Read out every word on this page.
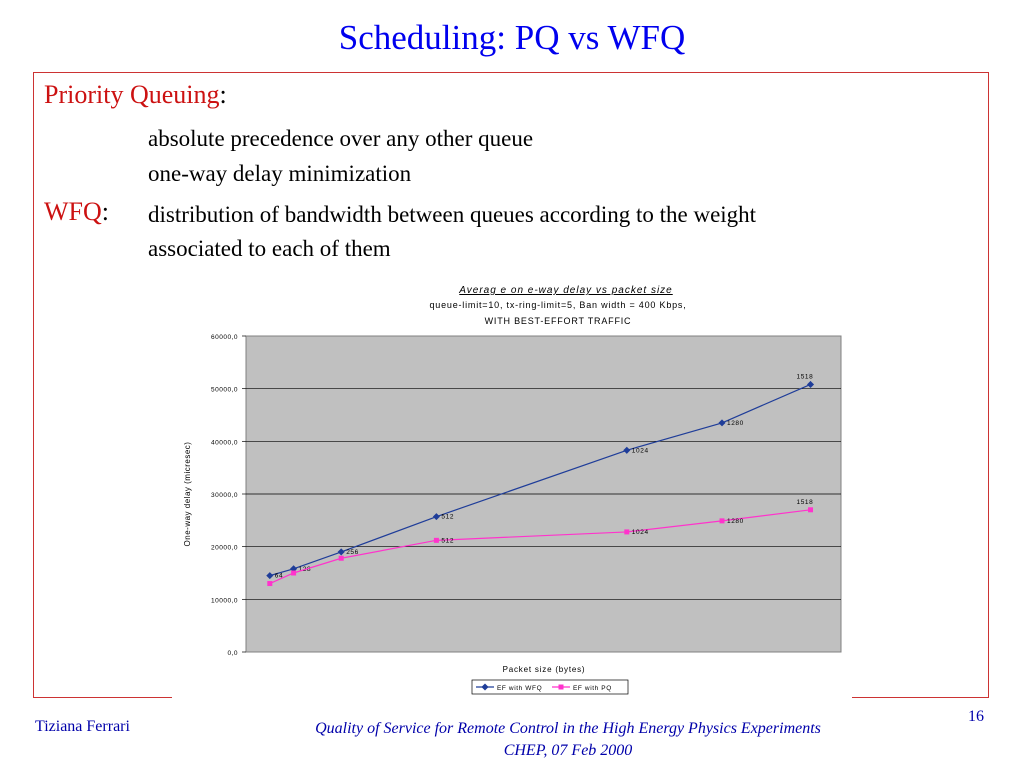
Scheduling: PQ vs WFQ
Priority Queuing:
absolute precedence over any other queue
one-way delay minimization
WFQ: distribution of bandwidth between queues according to the weight
associated to each of them
Averag e on e-way delay vs packet size
queue-limit=10, tx-ring-limit=5, Ban width = 400 Kbps,
WITH BEST-EFFORT TRAFFIC
0,0
10000,0
20000,0
30000,0
40000,0
50000,0
60000,0
One-way delay (micresec)
Packet size (bytes)
64
128
256
512
1024
1280
1518
512
1024
1280
1518
EF with WFQ	EF with PQ
Tiziana Ferrari	Quality of Service for Remote Control in the High Energy Physics Experiments
CHEP, 07 Feb 2000
16
